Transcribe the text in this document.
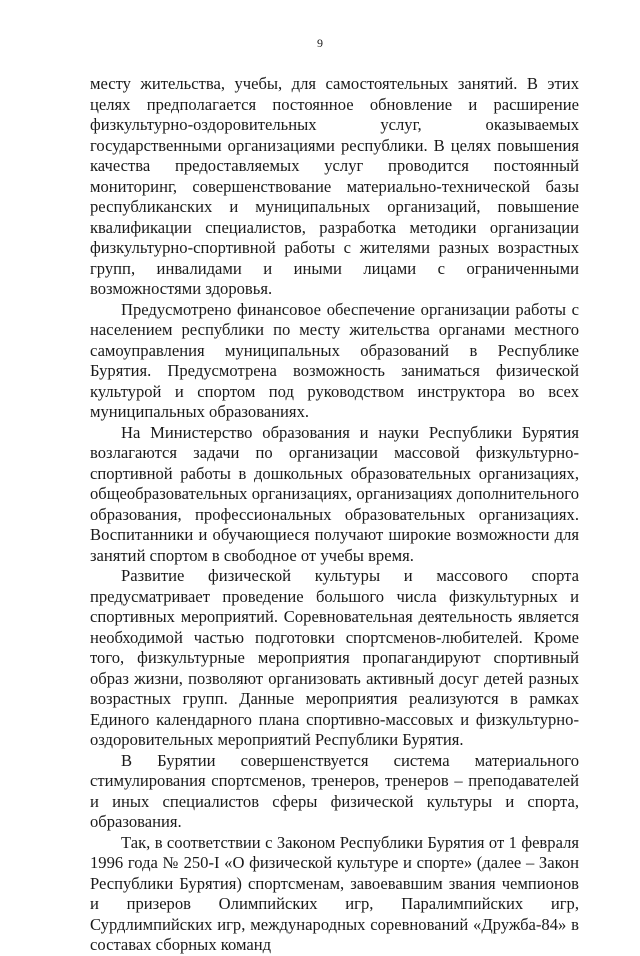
9

месту жительства, учебы, для самостоятельных занятий. В этих целях предполагается постоянное обновление и расширение физкультурно-оздоровительных услуг, оказываемых государственными организациями республики. В целях повышения качества предоставляемых услуг проводится постоянный мониторинг, совершенствование материально-технической базы республиканских и муниципальных организаций, повышение квалификации специалистов, разработка методики организации физкультурно-спортивной работы с жителями разных возрастных групп, инвалидами и иными лицами с ограниченными возможностями здоровья.

Предусмотрено финансовое обеспечение организации работы с населением республики по месту жительства органами местного самоуправления муниципальных образований в Республике Бурятия. Предусмотрена возможность заниматься физической культурой и спортом под руководством инструктора во всех муниципальных образованиях.

На Министерство образования и науки Республики Бурятия возлагаются задачи по организации массовой физкультурно-спортивной работы в дошкольных образовательных организациях, общеобразовательных организациях, организациях дополнительного образования, профессиональных образовательных организациях. Воспитанники и обучающиеся получают широкие возможности для занятий спортом в свободное от учебы время.

Развитие физической культуры и массового спорта предусматривает проведение большого числа физкультурных и спортивных мероприятий. Соревновательная деятельность является необходимой частью подготовки спортсменов-любителей. Кроме того, физкультурные мероприятия пропагандируют спортивный образ жизни, позволяют организовать активный досуг детей разных возрастных групп. Данные мероприятия реализуются в рамках Единого календарного плана спортивно-массовых и физкультурно-оздоровительных мероприятий Республики Бурятия.

В Бурятии совершенствуется система материального стимулирования спортсменов, тренеров, тренеров – преподавателей и иных специалистов сферы физической культуры и спорта, образования.

Так, в соответствии с Законом Республики Бурятия от 1 февраля 1996 года № 250-I «О физической культуре и спорте» (далее – Закон Республики Бурятия) спортсменам, завоевавшим звания чемпионов и призеров Олимпийских игр, Паралимпийских игр, Сурдлимпийских игр, международных соревнований «Дружба-84» в составах сборных команд
